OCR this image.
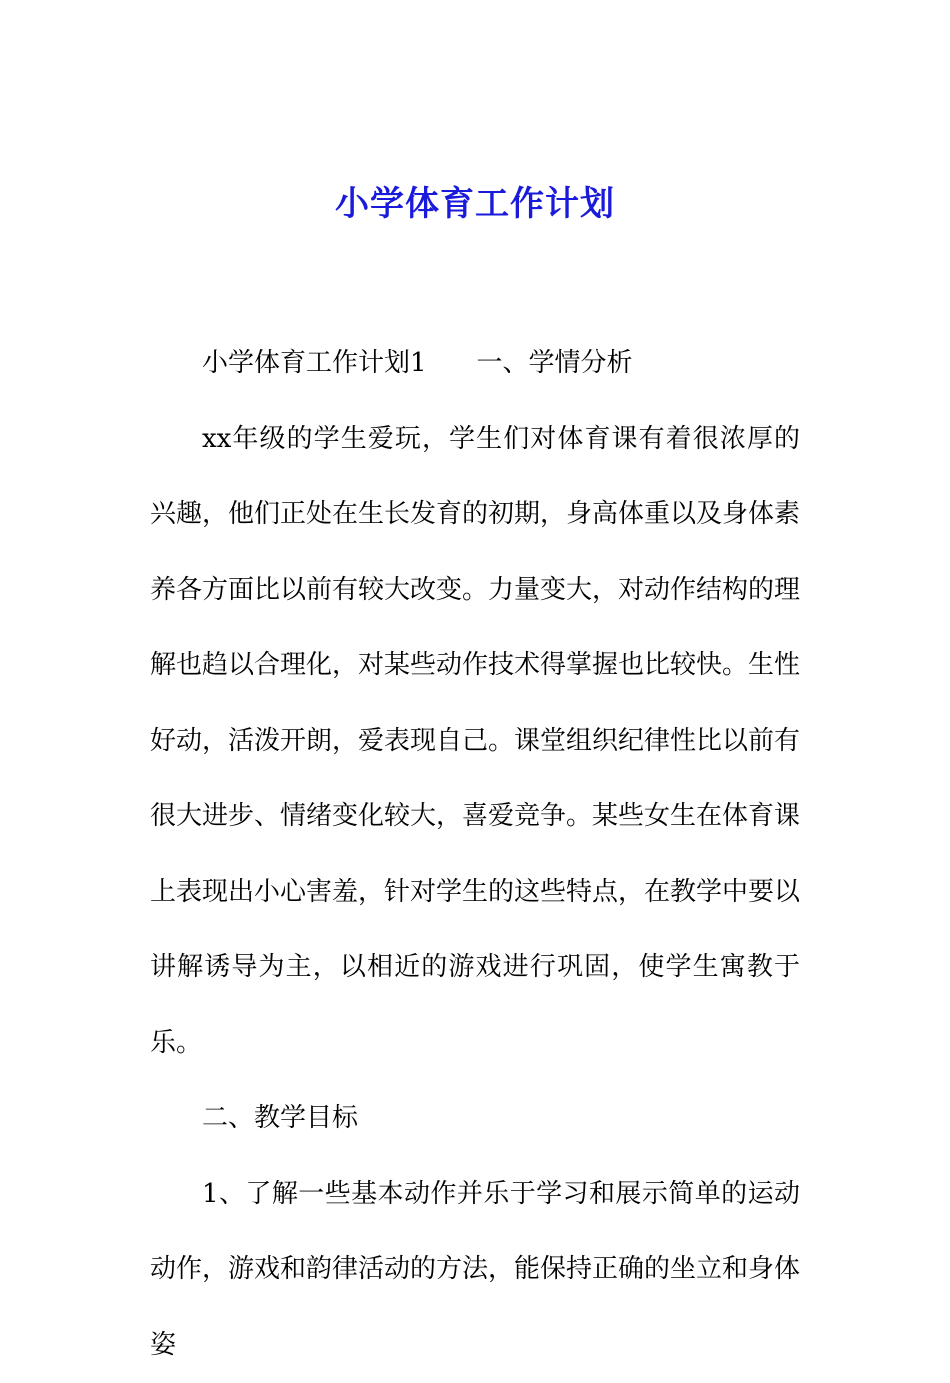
小学体育工作计划

小学体育工作计划1 一、学情分析

xx年级的学生爱玩，学生们对体育课有着很浓厚的兴趣，他们正处在生长发育的初期，身高体重以及身体素养各方面比以前有较大改变。力量变大，对动作结构的理解也趋以合理化，对某些动作技术得掌握也比较快。生性好动，活泼开朗，爱表现自己。课堂组织纪律性比以前有很大进步、情绪变化较大，喜爱竞争。某些女生在体育课上表现出小心害羞，针对学生的这些特点，在教学中要以讲解诱导为主，以相近的游戏进行巩固，使学生寓教于乐。

二、教学目标

1、了解一些基本动作并乐于学习和展示简单的运动动作，游戏和韵律活动的方法，能保持正确的坐立和身体姿
